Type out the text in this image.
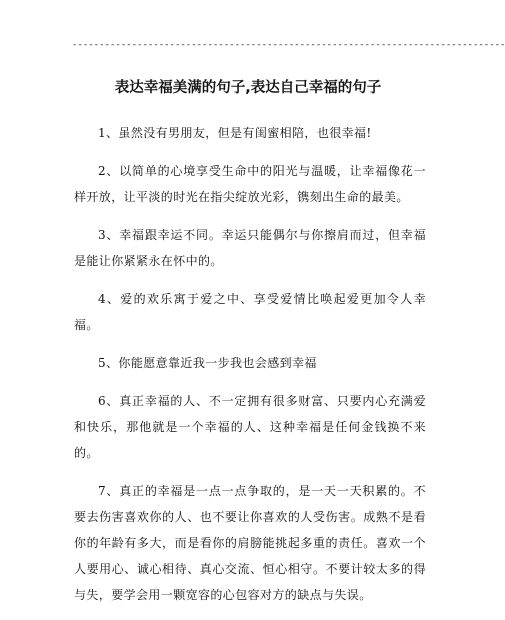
--------------------------------------------------------------------------------
表达幸福美满的句子,表达自己幸福的句子

1、虽然没有男朋友，但是有闺蜜相陪，也很幸福!

2、以简单的心境享受生命中的阳光与温暖，让幸福像花一样开放，让平淡的时光在指尖绽放光彩，镌刻出生命的最美。

3、幸福跟幸运不同。幸运只能偶尔与你擦肩而过，但幸福是能让你紧紧永在怀中的。

4、爱的欢乐寓于爱之中、享受爱情比唤起爱更加令人幸福。

5、你能愿意靠近我一步我也会感到幸福

6、真正幸福的人、不一定拥有很多财富、只要内心充满爱和快乐，那他就是一个幸福的人、这种幸福是任何金钱换不来的。

7、真正的幸福是一点一点争取的，是一天一天积累的。不要去伤害喜欢你的人、也不要让你喜欢的人受伤害。成熟不是看你的年龄有多大，而是看你的肩膀能挑起多重的责任。喜欢一个人要用心、诚心相待、真心交流、恒心相守。不要计较太多的得与失，要学会用一颗宽容的心包容对方的缺点与失误。
